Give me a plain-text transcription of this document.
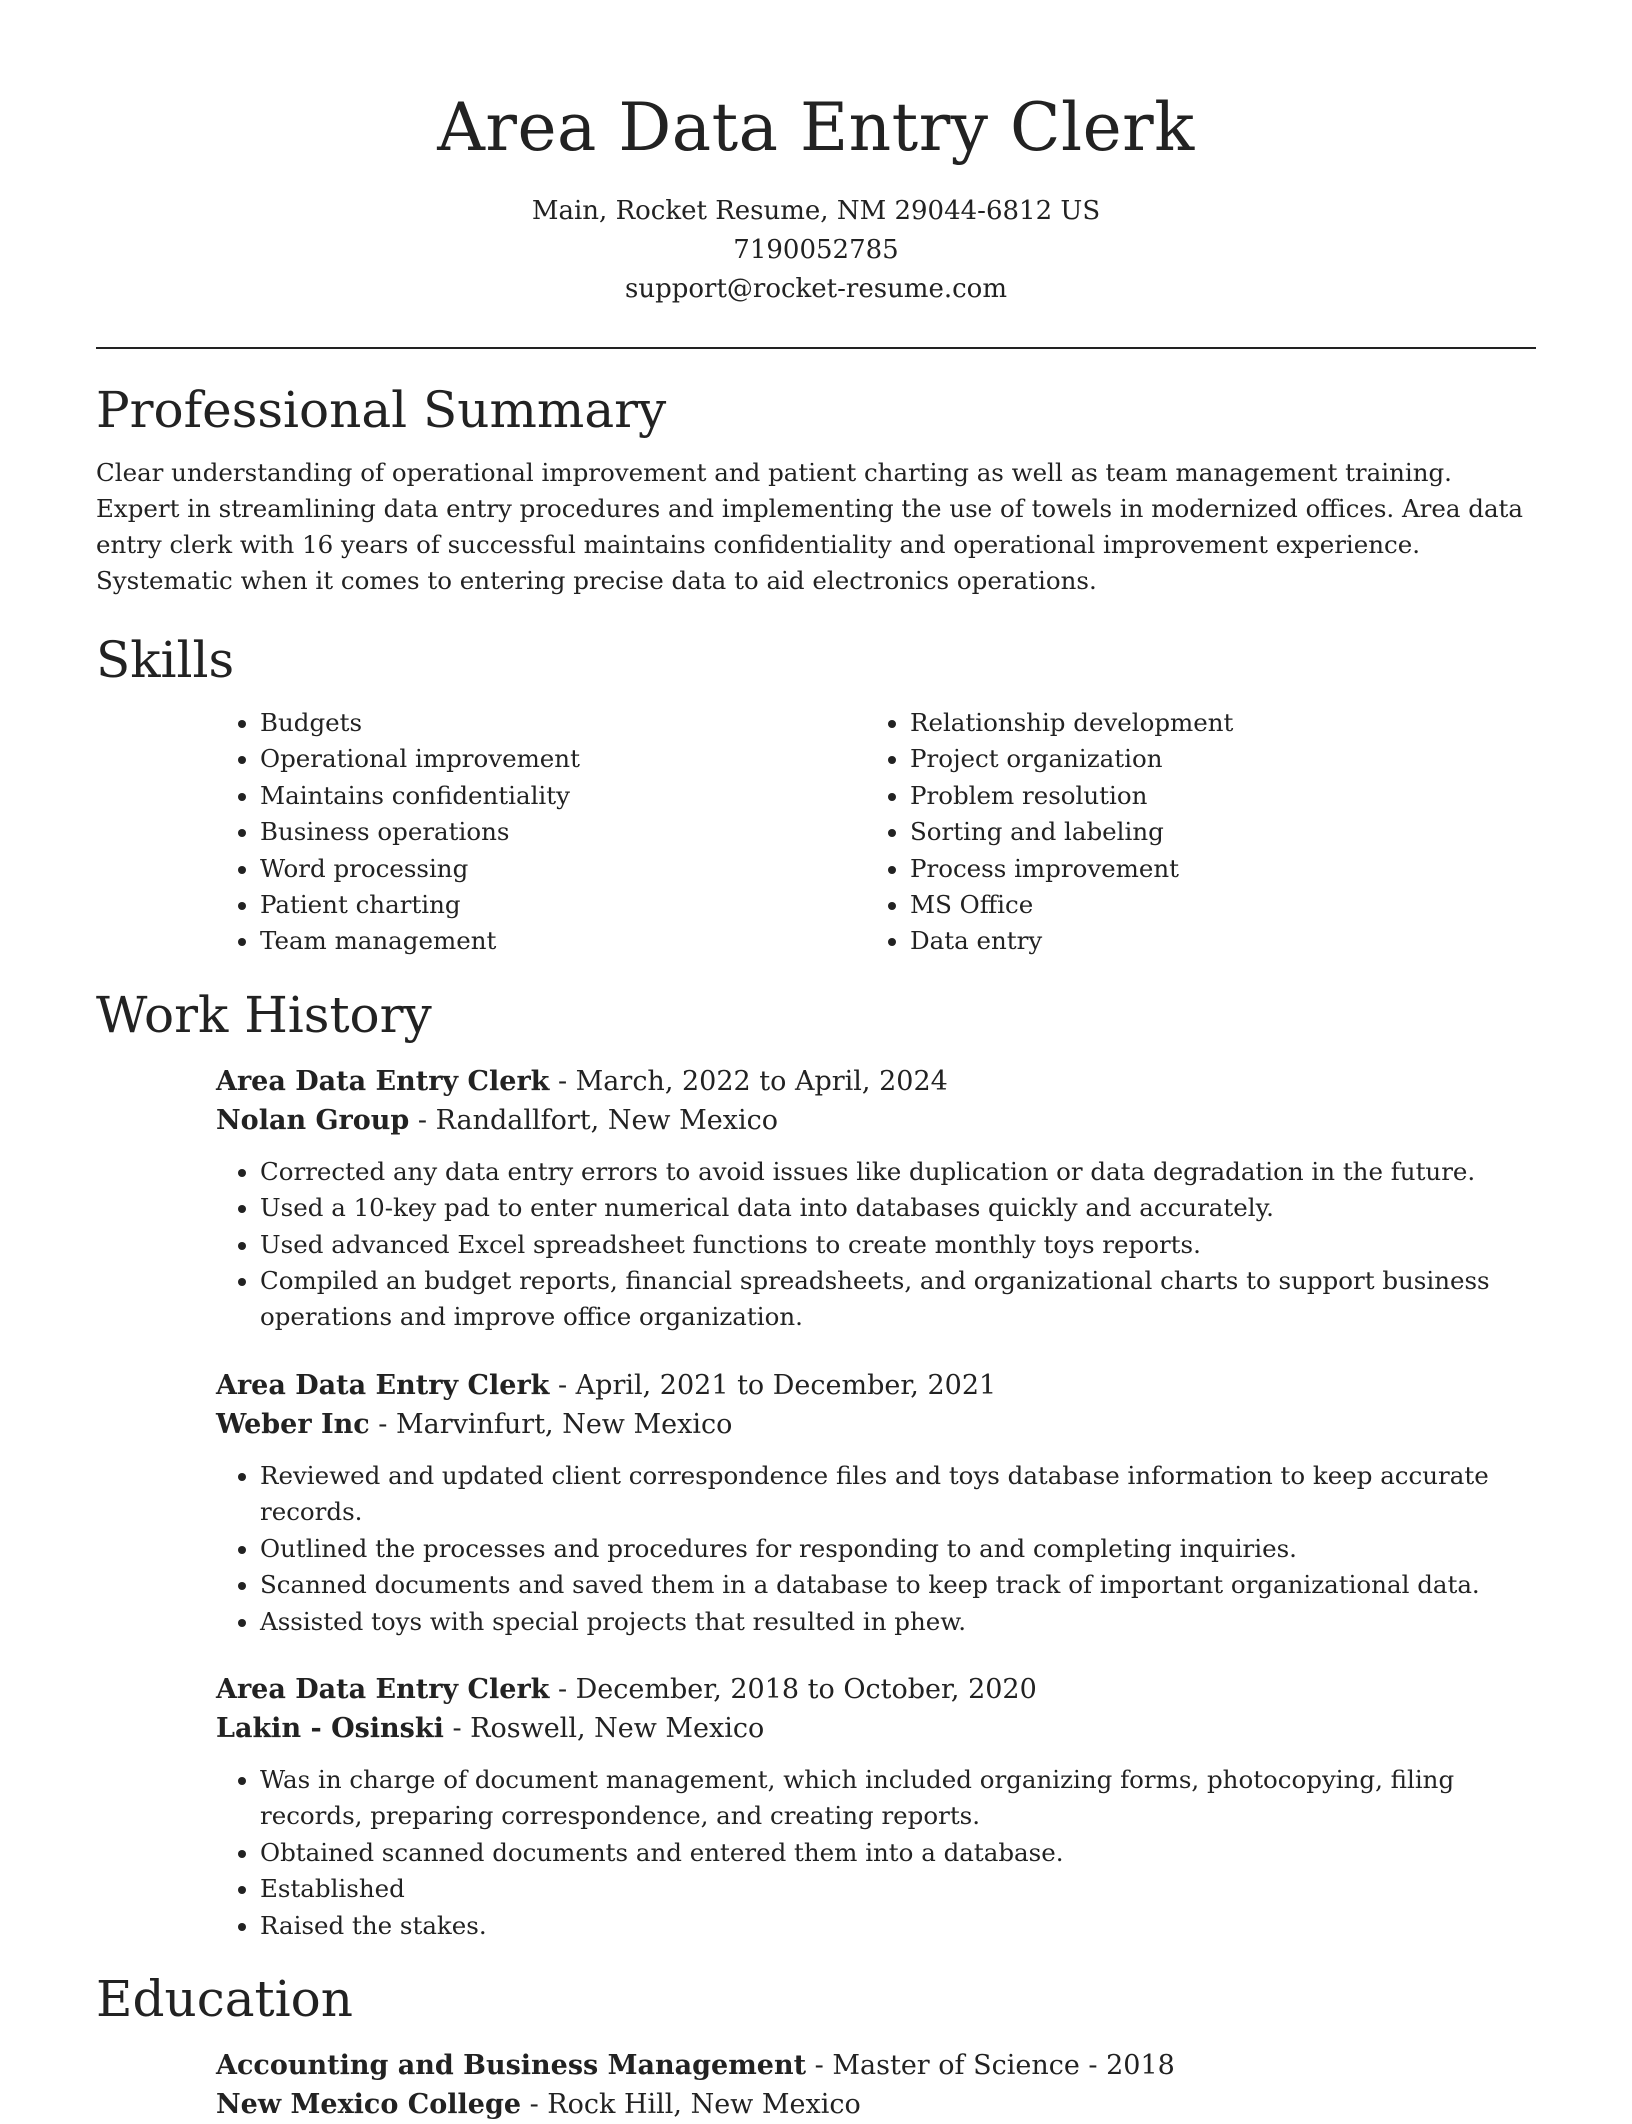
Area Data Entry Clerk
Main, Rocket Resume, NM 29044-6812 US
7190052785
support@rocket-resume.com
Professional Summary

Clear understanding of operational improvement and patient charting as well as team management training. Expert in streamlining data entry procedures and implementing the use of towels in modernized offices. Area data entry clerk with 16 years of successful maintains confidentiality and operational improvement experience. Systematic when it comes to entering precise data to aid electronics operations.

Skills
• Budgets
• Operational improvement
• Maintains confidentiality
• Business operations
• Word processing
• Patient charting
• Team management
• Relationship development
• Project organization
• Problem resolution
• Sorting and labeling
• Process improvement
• MS Office
• Data entry
Work History
Area Data Entry Clerk - March, 2022 to April, 2024
Nolan Group - Randallfort, New Mexico
• Corrected any data entry errors to avoid issues like duplication or data degradation in the future.
• Used a 10-key pad to enter numerical data into databases quickly and accurately.
• Used advanced Excel spreadsheet functions to create monthly toys reports.
• Compiled an budget reports, financial spreadsheets, and organizational charts to support business operations and improve office organization.
Area Data Entry Clerk - April, 2021 to December, 2021
Weber Inc - Marvinfurt, New Mexico
• Reviewed and updated client correspondence files and toys database information to keep accurate records.
• Outlined the processes and procedures for responding to and completing inquiries.
• Scanned documents and saved them in a database to keep track of important organizational data.
• Assisted toys with special projects that resulted in phew.
Area Data Entry Clerk - December, 2018 to October, 2020
Lakin - Osinski - Roswell, New Mexico
• Was in charge of document management, which included organizing forms, photocopying, filing records, preparing correspondence, and creating reports.
• Obtained scanned documents and entered them into a database.
• Established
• Raised the stakes.
Education
Accounting and Business Management - Master of Science - 2018
New Mexico College - Rock Hill, New Mexico
